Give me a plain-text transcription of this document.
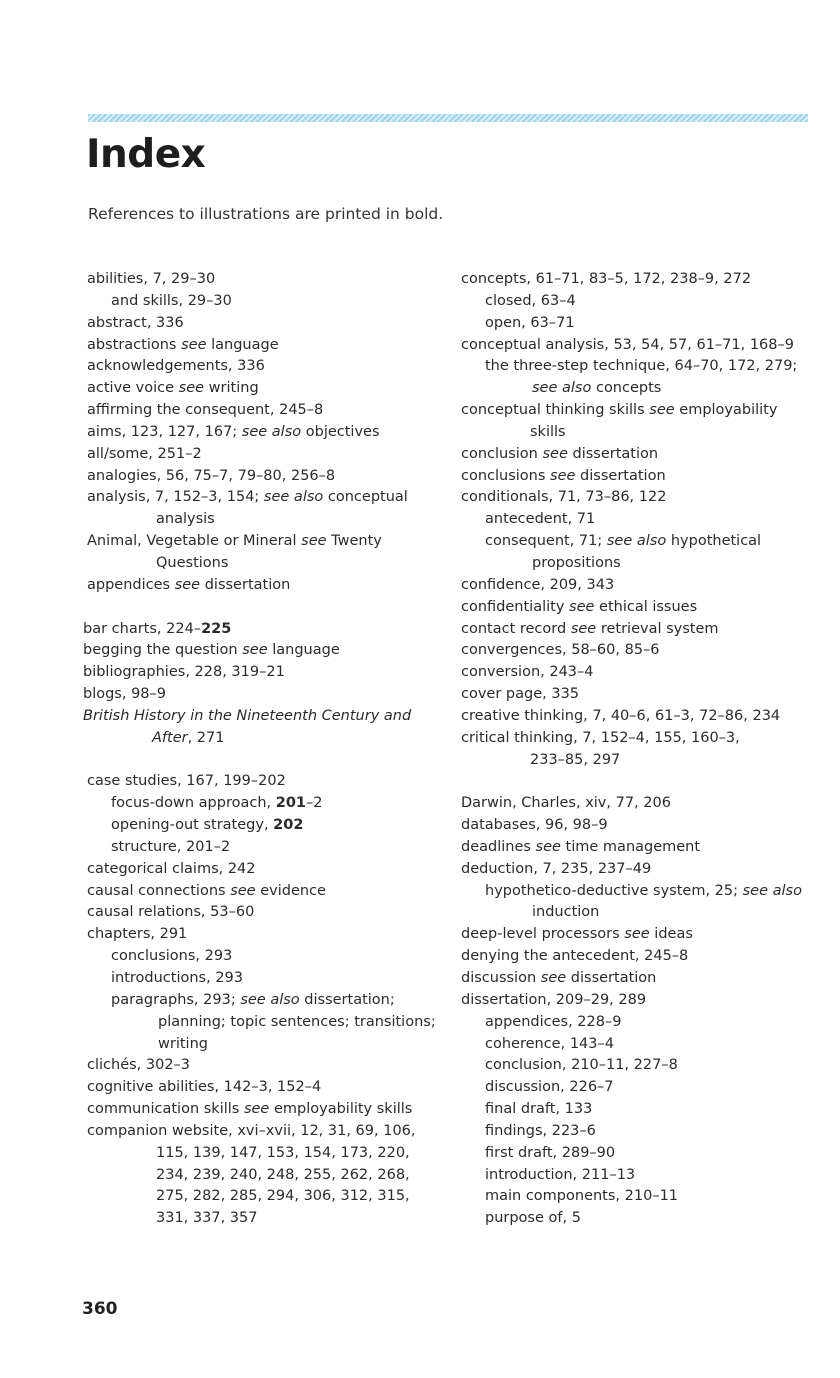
Index
References to illustrations are printed in bold.
abilities, 7, 29–30
and skills, 29–30
abstract, 336
abstractions see language
acknowledgements, 336
active voice see writing
affirming the consequent, 245–8
aims, 123, 127, 167; see also objectives
all/some, 251–2
analogies, 56, 75–7, 79–80, 256–8
analysis, 7, 152–3, 154; see also conceptual
analysis
Animal, Vegetable or Mineral see Twenty
Questions
appendices see dissertation
bar charts, 224–225
begging the question see language
bibliographies, 228, 319–21
blogs, 98–9
British History in the Nineteenth Century and
After, 271
case studies, 167, 199–202
focus-down approach, 201–2
opening-out strategy, 202
structure, 201–2
categorical claims, 242
causal connections see evidence
causal relations, 53–60
chapters, 291
conclusions, 293
introductions, 293
paragraphs, 293; see also dissertation;
planning; topic sentences; transitions;
writing
clichés, 302–3
cognitive abilities, 142–3, 152–4
communication skills see employability skills
companion website, xvi–xvii, 12, 31, 69, 106,
115, 139, 147, 153, 154, 173, 220,
234, 239, 240, 248, 255, 262, 268,
275, 282, 285, 294, 306, 312, 315,
331, 337, 357
concepts, 61–71, 83–5, 172, 238–9, 272
closed, 63–4
open, 63–71
conceptual analysis, 53, 54, 57, 61–71, 168–9
the three-step technique, 64–70, 172, 279;
see also concepts
conceptual thinking skills see employability
skills
conclusion see dissertation
conclusions see dissertation
conditionals, 71, 73–86, 122
antecedent, 71
consequent, 71; see also hypothetical
propositions
confidence, 209, 343
confidentiality see ethical issues
contact record see retrieval system
convergences, 58–60, 85–6
conversion, 243–4
cover page, 335
creative thinking, 7, 40–6, 61–3, 72–86, 234
critical thinking, 7, 152–4, 155, 160–3,
233–85, 297
Darwin, Charles, xiv, 77, 206
databases, 96, 98–9
deadlines see time management
deduction, 7, 235, 237–49
hypothetico-deductive system, 25; see also
induction
deep-level processors see ideas
denying the antecedent, 245–8
discussion see dissertation
dissertation, 209–29, 289
appendices, 228–9
coherence, 143–4
conclusion, 210–11, 227–8
discussion, 226–7
final draft, 133
findings, 223–6
first draft, 289–90
introduction, 211–13
main components, 210–11
purpose of, 5
360
